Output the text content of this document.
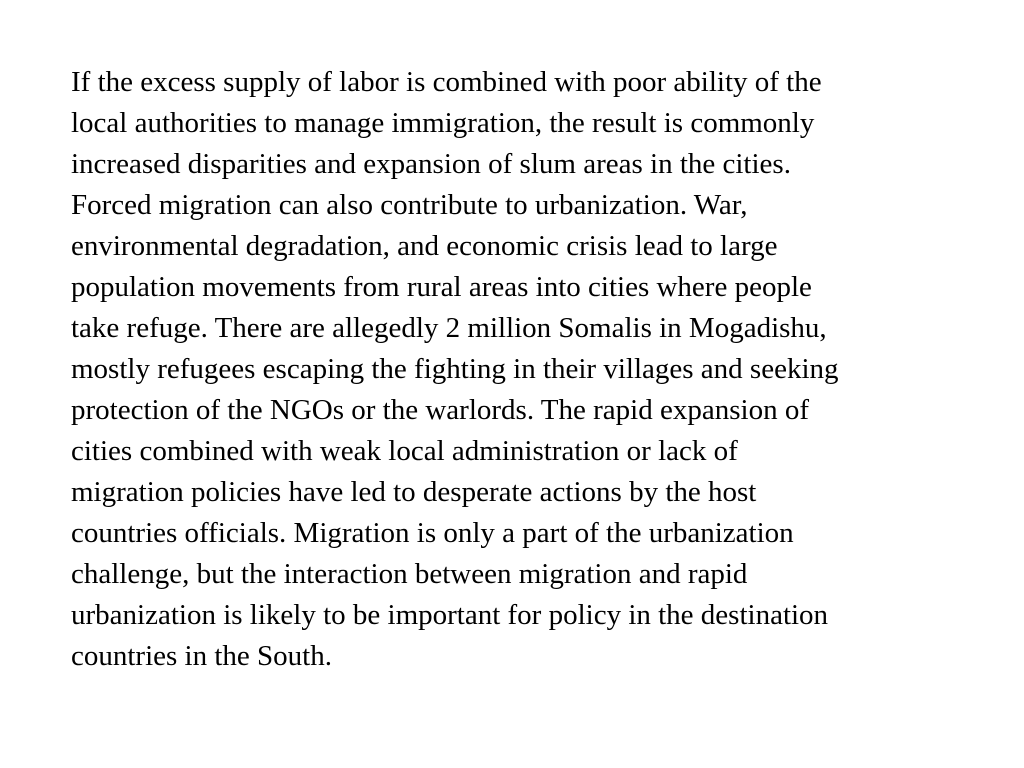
If the excess supply of labor is combined with poor ability of the
local authorities to manage immigration, the result is commonly
increased disparities and expansion of slum areas in the cities.
Forced migration can also contribute to urbanization. War,
environmental degradation, and economic crisis lead to large
population movements from rural areas into cities where people
take refuge. There are allegedly 2 million Somalis in Mogadishu,
mostly refugees escaping the fighting in their villages and seeking
protection of the NGOs or the warlords. The rapid expansion of
cities combined with weak local administration or lack of
migration policies have led to desperate actions by the host
countries officials. Migration is only a part of the urbanization
challenge, but the interaction between migration and rapid
urbanization is likely to be important for policy in the destination
countries in the South.
